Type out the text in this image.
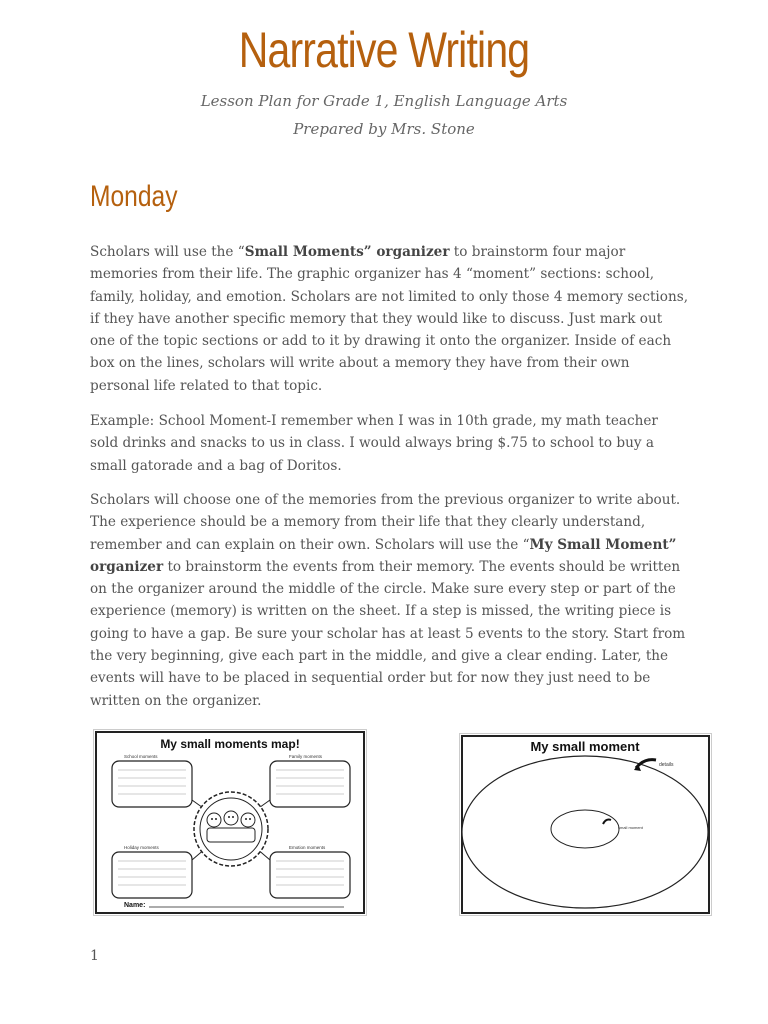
Narrative Writing
Lesson Plan for Grade 1, English Language Arts
Prepared by Mrs. Stone
Monday
Scholars will use the “Small Moments” organizer to brainstorm four major memories from their life. The graphic organizer has 4 “moment” sections: school, family, holiday, and emotion. Scholars are not limited to only those 4 memory sections, if they have another specific memory that they would like to discuss. Just mark out one of the topic sections or add to it by drawing it onto the organizer. Inside of each box on the lines, scholars will write about a memory they have from their own personal life related to that topic.
Example: School Moment-I remember when I was in 10th grade, my math teacher sold drinks and snacks to us in class. I would always bring $.75 to school to buy a small gatorade and a bag of Doritos.
Scholars will choose one of the memories from the previous organizer to write about. The experience should be a memory from their life that they clearly understand, remember and can explain on their own. Scholars will use the “My Small Moment” organizer to brainstorm the events from their memory. The events should be written on the organizer around the middle of the circle. Make sure every step or part of the experience (memory) is written on the sheet. If a step is missed, the writing piece is going to have a gap. Be sure your scholar has at least 5 events to the story. Start from the very beginning, give each part in the middle, and give a clear ending. Later, the events will have to be placed in sequential order but for now they just need to be written on the organizer.
My small moments map!
School moments	Family moments
Holiday moments	Emotion moments
Name:
My small moment
details
small moment
1
